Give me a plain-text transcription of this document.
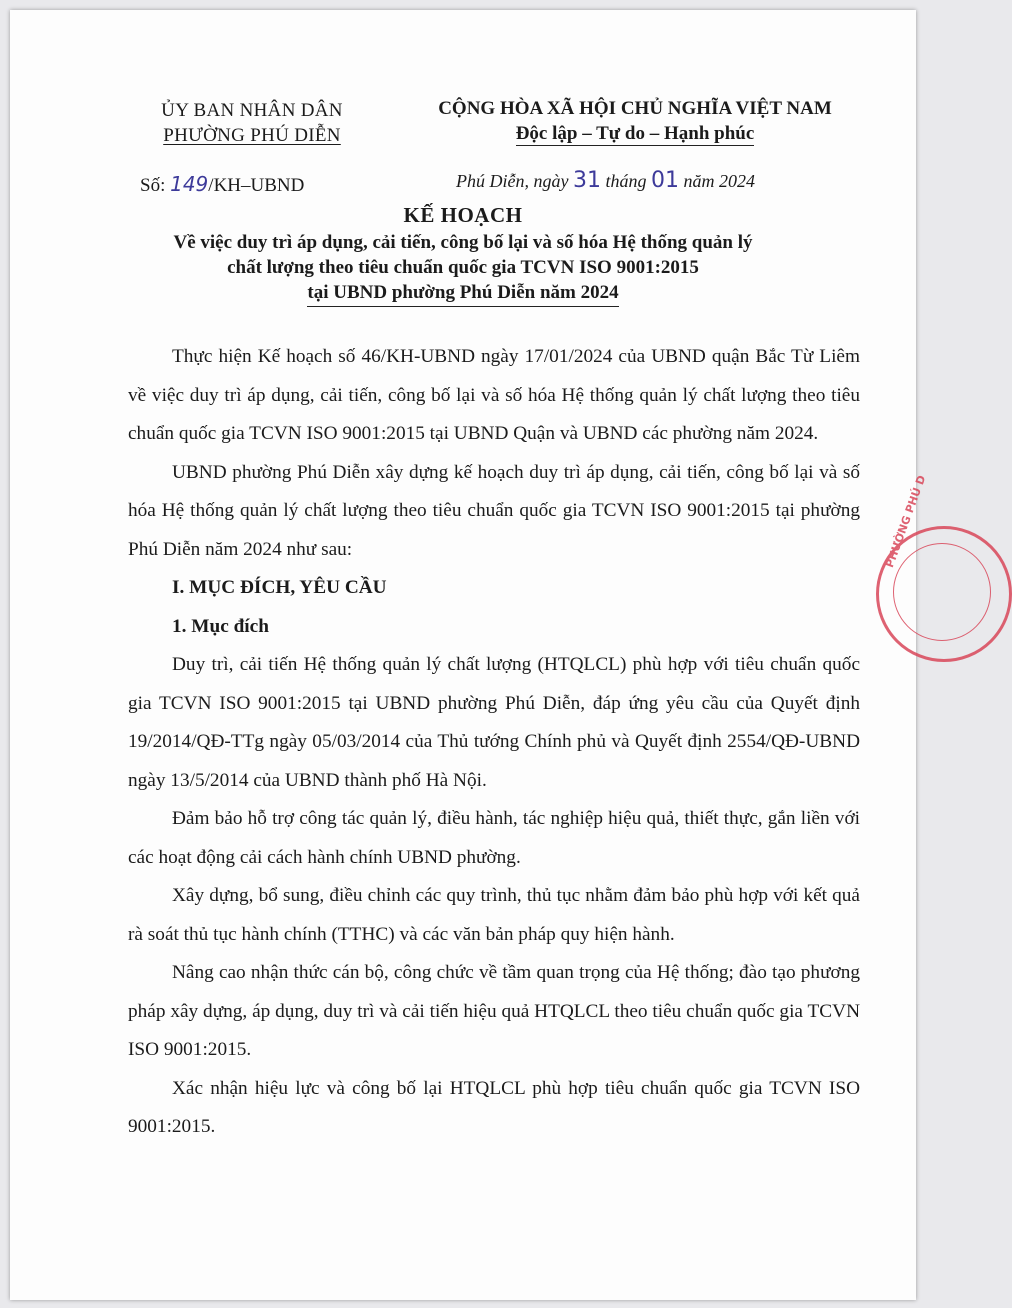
ỦY BAN NHÂN DÂN

PHƯỜNG PHÚ DIỄN
CỘNG HÒA XÃ HỘI CHỦ NGHĨA VIỆT NAM
Độc lập – Tự do – Hạnh phúc
Số: 149/KH–UBND	Phú Diễn, ngày 31 tháng 01 năm 2024
KẾ HOẠCH
Về việc duy trì áp dụng, cải tiến, công bố lại và số hóa Hệ thống quản lý
chất lượng theo tiêu chuẩn quốc gia TCVN ISO 9001:2015
tại UBND phường Phú Diễn năm 2024

Thực hiện Kế hoạch số 46/KH-UBND ngày 17/01/2024 của UBND quận Bắc Từ Liêm về việc duy trì áp dụng, cải tiến, công bố lại và số hóa Hệ thống quản lý chất lượng theo tiêu chuẩn quốc gia TCVN ISO 9001:2015 tại UBND Quận và UBND các phường năm 2024.

UBND phường Phú Diễn xây dựng kế hoạch duy trì áp dụng, cải tiến, công bố lại và số hóa Hệ thống quản lý chất lượng theo tiêu chuẩn quốc gia TCVN ISO 9001:2015 tại phường Phú Diễn năm 2024 như sau:

I. MỤC ĐÍCH, YÊU CẦU

1. Mục đích

Duy trì, cải tiến Hệ thống quản lý chất lượng (HTQLCL) phù hợp với tiêu chuẩn quốc gia TCVN ISO 9001:2015 tại UBND phường Phú Diễn, đáp ứng yêu cầu của Quyết định 19/2014/QĐ-TTg ngày 05/03/2014 của Thủ tướng Chính phủ và Quyết định 2554/QĐ-UBND ngày 13/5/2014 của UBND thành phố Hà Nội.

Đảm bảo hỗ trợ công tác quản lý, điều hành, tác nghiệp hiệu quả, thiết thực, gắn liền với các hoạt động cải cách hành chính UBND phường.

Xây dựng, bổ sung, điều chỉnh các quy trình, thủ tục nhằm đảm bảo phù hợp với kết quả rà soát thủ tục hành chính (TTHC) và các văn bản pháp quy hiện hành.

Nâng cao nhận thức cán bộ, công chức về tầm quan trọng của Hệ thống; đào tạo phương pháp xây dựng, áp dụng, duy trì và cải tiến hiệu quả HTQLCL theo tiêu chuẩn quốc gia TCVN ISO 9001:2015.

Xác nhận hiệu lực và công bố lại HTQLCL phù hợp tiêu chuẩn quốc gia TCVN ISO 9001:2015.

PHƯỜNG PHÚ D
